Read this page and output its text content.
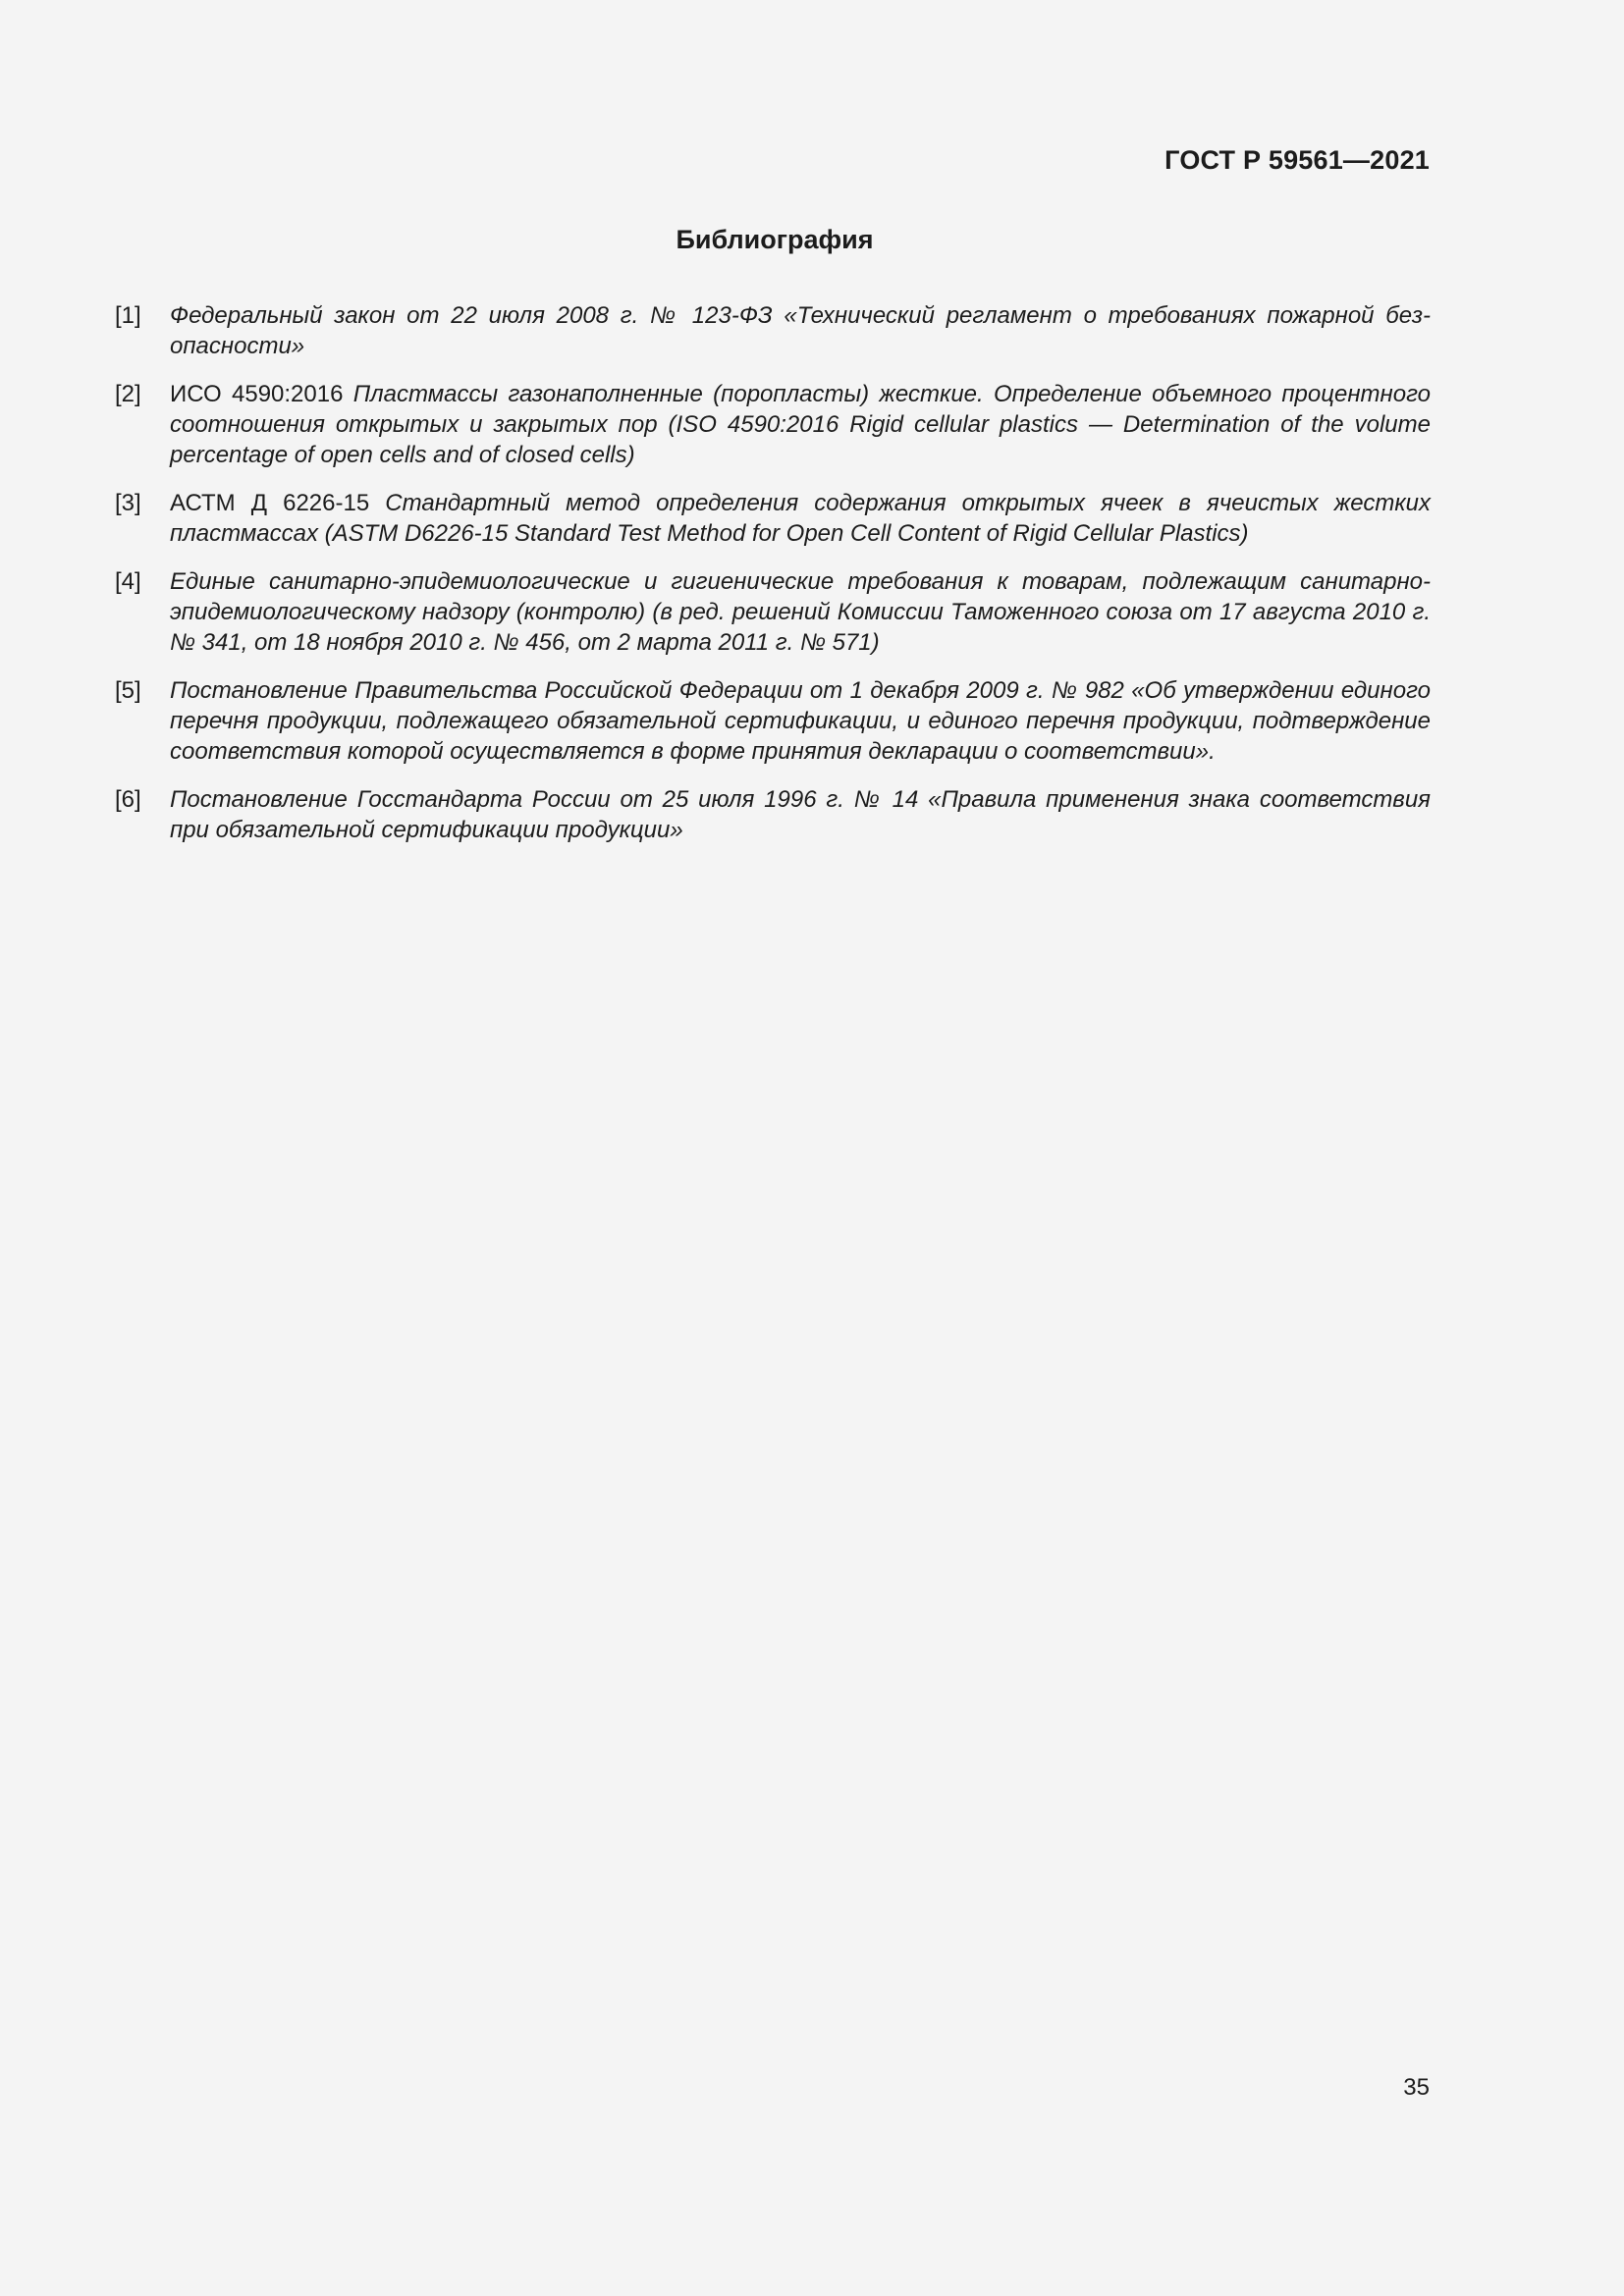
ГОСТ Р 59561—2021
Библиография
[1]	Федеральный закон от 22 июля 2008 г. № 123-ФЗ «Технический регламент о требованиях пожарной безопасности»
[2]	ИСО 4590:2016 Пластмассы газонаполненные (поропласты) жесткие. Определение объемного процентного соотношения открытых и закрытых пор (ISO 4590:2016 Rigid cellular plastics — Determination of the volume percentage of open cells and of closed cells)
[3]	АСТМ Д 6226-15 Стандартный метод определения содержания открытых ячеек в ячеистых жестких пластмассах (ASTM D6226-15 Standard Test Method for Open Cell Content of Rigid Cellular Plastics)
[4]	Единые санитарно-эпидемиологические и гигиенические требования к товарам, подлежащим санитарно-эпидемиологическому надзору (контролю) (в ред. решений Комиссии Таможенного союза от 17 августа 2010 г. № 341, от 18 ноября 2010 г. № 456, от 2 марта 2011 г. № 571)
[5]	Постановление Правительства Российской Федерации от 1 декабря 2009 г. № 982 «Об утверждении единого перечня продукции, подлежащего обязательной сертификации, и единого перечня продукции, подтверждение соответствия которой осуществляется в форме принятия декларации о соответствии».
[6]	Постановление Госстандарта России от 25 июля 1996 г. № 14 «Правила применения знака соответствия при обязательной сертификации продукции»
35
